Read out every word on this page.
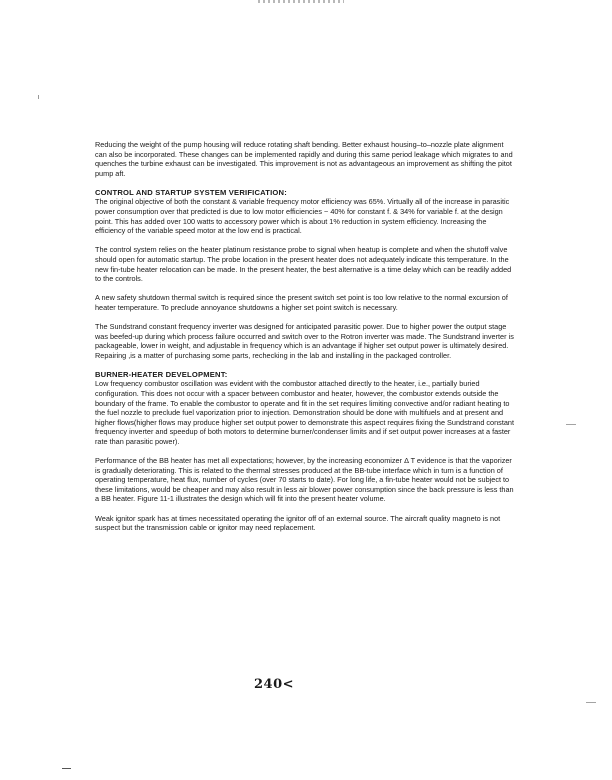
Reducing the weight of the pump housing will reduce rotating shaft bending. Better exhaust housing–to–nozzle plate alignment can also be incorporated. These changes can be implemented rapidly and during this same period leakage which migrates to and quenches the turbine exhaust can be investigated. This improvement is not as advantageous an improvement as shifting the pitot pump aft.

CONTROL AND STARTUP SYSTEM VERIFICATION:

The original objective of both the constant & variable frequency motor efficiency was 65%. Virtually all of the increase in parasitic power consumption over that predicted is due to low motor efficiencies ~ 40% for constant f. & 34% for variable f. at the design point. This has added over 100 watts to accessory power which is about 1% reduction in system efficiency. Increasing the efficiency of the variable speed motor at the low end is practical.

The control system relies on the heater platinum resistance probe to signal when heatup is complete and when the shutoff valve should open for automatic startup. The probe location in the present heater does not adequately indicate this temperature. In the new fin-tube heater relocation can be made. In the present heater, the best alternative is a time delay which can be readily added to the controls.

A new safety shutdown thermal switch is required since the present switch set point is too low relative to the normal excursion of heater temperature. To preclude annoyance shutdowns a higher set point switch is necessary.

The Sundstrand constant frequency inverter was designed for anticipated parasitic power. Due to higher power the output stage was beefed-up during which process failure occurred and switch over to the Rotron inverter was made. The Sundstrand inverter is packageable, lower in weight, and adjustable in frequency which is an advantage if higher set output power is ultimately desired. Repairing ,is a matter of purchasing some parts, rechecking in the lab and installing in the packaged controller.

BURNER-HEATER DEVELOPMENT:

Low frequency combustor oscillation was evident with the combustor attached directly to the heater, i.e., partially buried configuration. This does not occur with a spacer between combustor and heater, however, the combustor extends outside the boundary of the frame. To enable the combustor to operate and fit in the set requires limiting convective and/or radiant heating to the fuel nozzle to preclude fuel vaporization prior to injection. Demonstration should be done with multifuels and at present and higher flows(higher flows may produce higher set output power to demonstrate this aspect requires fixing the Sundstrand constant frequency inverter and speedup of both motors to determine burner/condenser limits and if set output power increases at a faster rate than parasitic power).

Performance of the BB heater has met all expectations; however, by the increasing economizer Δ T evidence is that the vaporizer is gradually deteriorating. This is related to the thermal stresses produced at the BB-tube interface which in turn is a function of operating temperature, heat flux, number of cycles (over 70 starts to date). For long life, a fin-tube heater would not be subject to these limitations, would be cheaper and may also result in less air blower power consumption since the back pressure is less than a BB heater. Figure 11-1 illustrates the design which will fit into the present heater volume.

Weak ignitor spark has at times necessitated operating the ignitor off of an external source. The aircraft quality magneto is not suspect but the transmission cable or ignitor may need replacement.

240<
